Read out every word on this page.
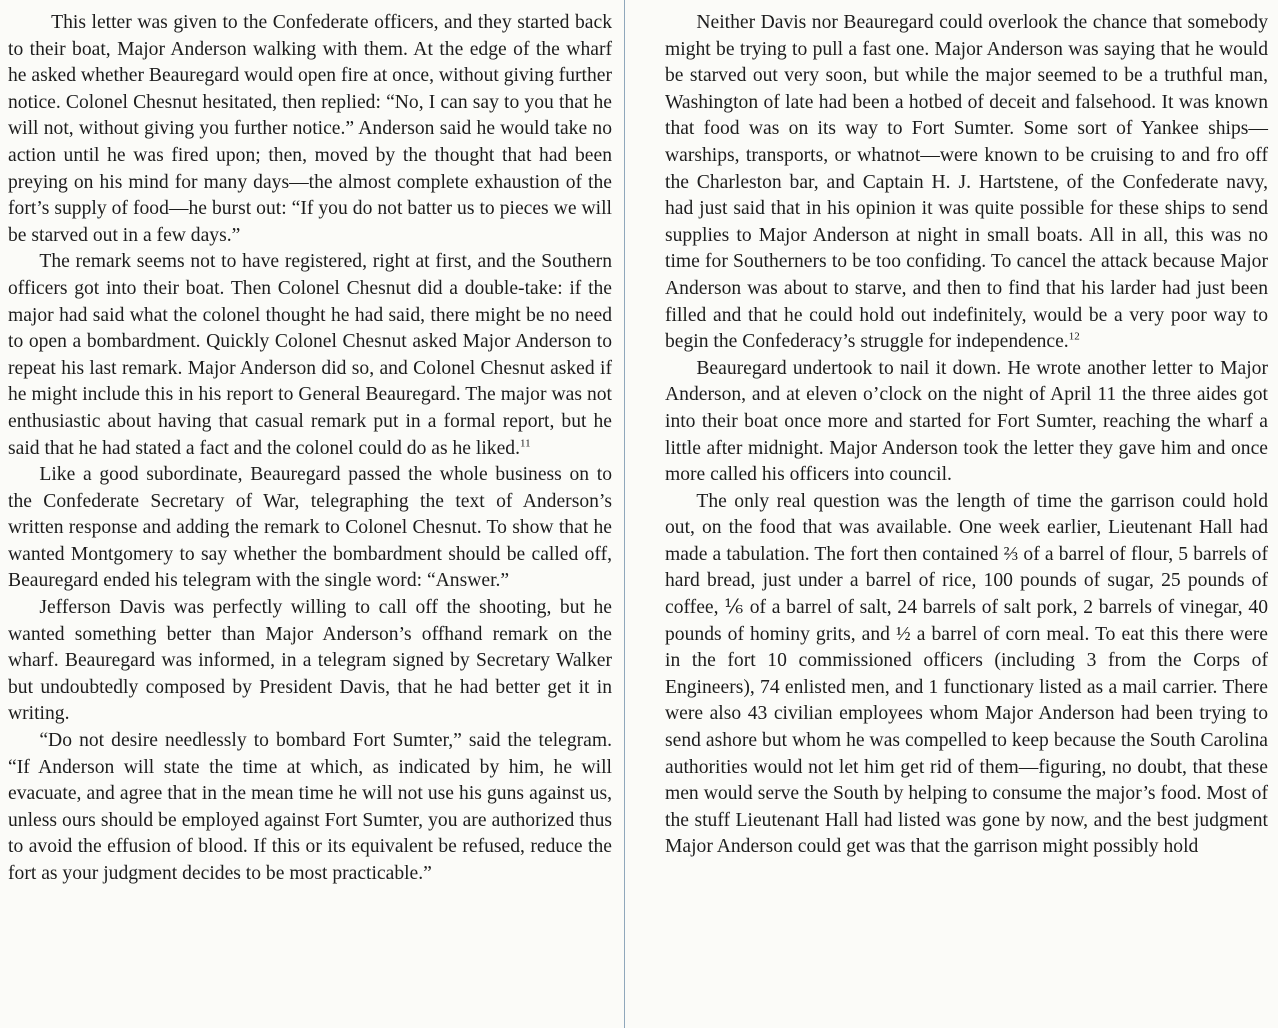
This letter was given to the Confederate officers, and they started back to their boat, Major Anderson walking with them. At the edge of the wharf he asked whether Beauregard would open fire at once, without giving further notice. Colonel Chesnut hesitated, then replied: “No, I can say to you that he will not, without giving you further notice.” Anderson said he would take no action until he was fired upon; then, moved by the thought that had been preying on his mind for many days—the almost complete exhaustion of the fort’s supply of food—he burst out: “If you do not batter us to pieces we will be starved out in a few days.”

The remark seems not to have registered, right at first, and the Southern officers got into their boat. Then Colonel Chesnut did a double-take: if the major had said what the colonel thought he had said, there might be no need to open a bombardment. Quickly Colonel Chesnut asked Major Anderson to repeat his last remark. Major Anderson did so, and Colonel Chesnut asked if he might include this in his report to General Beauregard. The major was not enthusiastic about having that casual remark put in a formal report, but he said that he had stated a fact and the colonel could do as he liked.$^{11}$

Like a good subordinate, Beauregard passed the whole business on to the Confederate Secretary of War, telegraphing the text of Anderson’s written response and adding the remark to Colonel Chesnut. To show that he wanted Montgomery to say whether the bombardment should be called off, Beauregard ended his telegram with the single word: “Answer.”

Jefferson Davis was perfectly willing to call off the shooting, but he wanted something better than Major Anderson’s offhand remark on the wharf. Beauregard was informed, in a telegram signed by Secretary Walker but undoubtedly composed by President Davis, that he had better get it in writing.

“Do not desire needlessly to bombard Fort Sumter,” said the telegram. “If Anderson will state the time at which, as indicated by him, he will evacuate, and agree that in the mean time he will not use his guns against us, unless ours should be employed against Fort Sumter, you are authorized thus to avoid the effusion of blood. If this or its equivalent be refused, reduce the fort as your judgment decides to be most practicable.”

Neither Davis nor Beauregard could overlook the chance that somebody might be trying to pull a fast one. Major Anderson was saying that he would be starved out very soon, but while the major seemed to be a truthful man, Washington of late had been a hotbed of deceit and falsehood. It was known that food was on its way to Fort Sumter. Some sort of Yankee ships—warships, transports, or whatnot—were known to be cruising to and fro off the Charleston bar, and Captain H. J. Hartstene, of the Confederate navy, had just said that in his opinion it was quite possible for these ships to send supplies to Major Anderson at night in small boats. All in all, this was no time for Southerners to be too confiding. To cancel the attack because Major Anderson was about to starve, and then to find that his larder had just been filled and that he could hold out indefinitely, would be a very poor way to begin the Confederacy’s struggle for independence.$^{12}$

Beauregard undertook to nail it down. He wrote another letter to Major Anderson, and at eleven o’clock on the night of April 11 the three aides got into their boat once more and started for Fort Sumter, reaching the wharf a little after midnight. Major Anderson took the letter they gave him and once more called his officers into council.

The only real question was the length of time the garrison could hold out, on the food that was available. One week earlier, Lieutenant Hall had made a tabulation. The fort then contained ⅔ of a barrel of flour, 5 barrels of hard bread, just under a barrel of rice, 100 pounds of sugar, 25 pounds of coffee, ⅙ of a barrel of salt, 24 barrels of salt pork, 2 barrels of vinegar, 40 pounds of hominy grits, and ½ a barrel of corn meal. To eat this there were in the fort 10 commissioned officers (including 3 from the Corps of Engineers), 74 enlisted men, and 1 functionary listed as a mail carrier. There were also 43 civilian employees whom Major Anderson had been trying to send ashore but whom he was compelled to keep because the South Carolina authorities would not let him get rid of them—figuring, no doubt, that these men would serve the South by helping to consume the major’s food. Most of the stuff Lieutenant Hall had listed was gone by now, and the best judgment Major Anderson could get was that the garrison might possibly hold
